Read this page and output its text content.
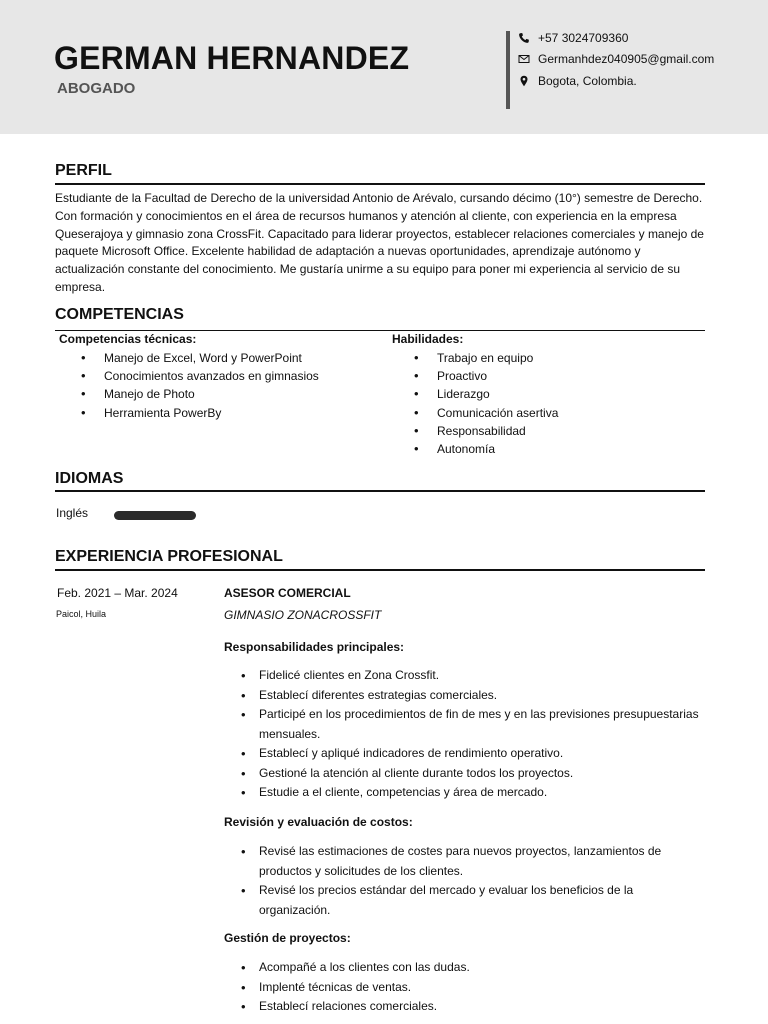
GERMAN HERNANDEZ
ABOGADO
+57 3024709360
Germanhdez040905@gmail.com
Bogota, Colombia.
PERFIL
Estudiante de la Facultad de Derecho de la universidad Antonio de Arévalo, cursando décimo (10°) semestre de Derecho. Con formación y conocimientos en el área de recursos humanos y atención al cliente, con experiencia en la empresa Queserajoya y gimnasio zona CrossFit. Capacitado para liderar proyectos, establecer relaciones comerciales y manejo de paquete Microsoft Office. Excelente habilidad de adaptación a nuevas oportunidades, aprendizaje autónomo y actualización constante del conocimiento. Me gustaría unirme a su equipo para poner mi experiencia al servicio de su empresa.
COMPETENCIAS
Competencias técnicas:
• Manejo de Excel, Word y PowerPoint
• Conocimientos avanzados en gimnasios
• Manejo de Photo
• Herramienta PowerBy
Habilidades:
• Trabajo en equipo
• Proactivo
• Liderazgo
• Comunicación asertiva
• Responsabilidad
• Autonomía
IDIOMAS
Inglés
EXPERIENCIA PROFESIONAL
Feb. 2021 – Mar. 2024
Paicol, Huila
ASESOR COMERCIAL
GIMNASIO ZONACROSSFIT
Responsabilidades principales:
• Fidelicé clientes en Zona Crossfit.
• Establecí diferentes estrategias comerciales.
• Participé en los procedimientos de fin de mes y en las previsiones presupuestarias mensuales.
• Establecí y apliqué indicadores de rendimiento operativo.
• Gestioné la atención al cliente durante todos los proyectos.
• Estudie a el cliente, competencias y área de mercado.
Revisión y evaluación de costos:
• Revisé las estimaciones de costes para nuevos proyectos, lanzamientos de productos y solicitudes de los clientes.
• Revisé los precios estándar del mercado y evaluar los beneficios de la organización.
Gestión de proyectos:
• Acompañé a los clientes con las dudas.
• Implenté técnicas de ventas.
• Establecí relaciones comerciales.
